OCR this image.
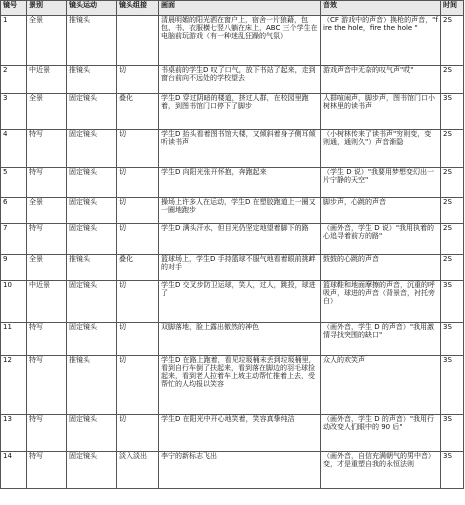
镜号	景别	镜头运动	镜头组接	画面	音效	时间
1	全景	推镜头		清晨明媚的阳光洒在窗户上，宿舍一片狼藉，包包、书、衣服横七竖八躺在床上，ABC 三个学生在电脑前玩游戏（有一种迷乱狂躁的气氛）	（CF 游戏中的声音）换枪的声音，"fire the hole，fire the hole "	2S
2	中近景	推镜头	切	书桌前的学生D 叹了口气，放下书站了起来，走到窗台前向不远处的学校望去	游戏声音中无奈的叹气声"哎"	2S
3	全景	固定镜头	叠化	学生D 穿过阴暗的楼道，挤过人群，在校园里跑着，到图书馆门口停下了脚步	人群喧闹声，脚步声，图书馆门口小树林里的读书声	3S
4	特写	固定镜头	切	学生D 抬头看着图书馆大楼，又倾斜着身子侧耳倾听读书声	（小树林传来了读书声"穷则变，变则通，通则久"）声音渐隐	2S
5	特写	固定镜头	切	学生D 向阳光张开怀抱，奔跑起来	（学生 D 说）"我要用梦想变幻出一片宁静的天空"	2S
6	全景	固定镜头	切	操场上许多人在运动，学生D 在塑胶跑道上一圈又一圈地跑步	脚步声，心跳的声音	2S
7	特写	固定镜头	切	学生D 满头汗水，但目光仍坚定地望着脚下的路	（画外音，学生 D 说）"我用执着的心追寻着前方的路"	2S
9	全景	推镜头	叠化	篮球场上，学生D 手持篮球不服气地看着眼前挑衅的对手	鼓鼓的心跳的声音	2S
10	中近景	固定镜头	切	学生D 交叉步防卫运球，笑人，过人，跳投，球进了	篮球鞋和地面摩擦的声音，沉重的呼吸声，球进的声音（背景音，衬托旁白）	3S
11	特写	固定镜头	切	双脚落地，脸上露出傲然的神色	（画外音，学生 D 的声音）"我用激情寻找突围的缺口"	3S
12	特写	推镜头	切	学生D 在路上跑着，看见垃圾桶未丢到垃圾桶里，看到自行车倒了扶起来，看到落在脚边的羽毛球捡起来，看到老人拉着车上坡主动帮忙推着上去，受帮忙的人均报以笑容	众人的欢笑声	3S
13	特写	固定镜头	切	学生D 在阳光中开心地笑着，笑容真挚纯洁	（画外音，学生 D 的声音）"我用行动改变人们眼中的 90 后"	3S
14	特写	固定镜头	淡入淡出	李宁的新标志飞出	（画外音，自信充满朝气的男中音）变，才是重塑自我的永恒法则	3S
